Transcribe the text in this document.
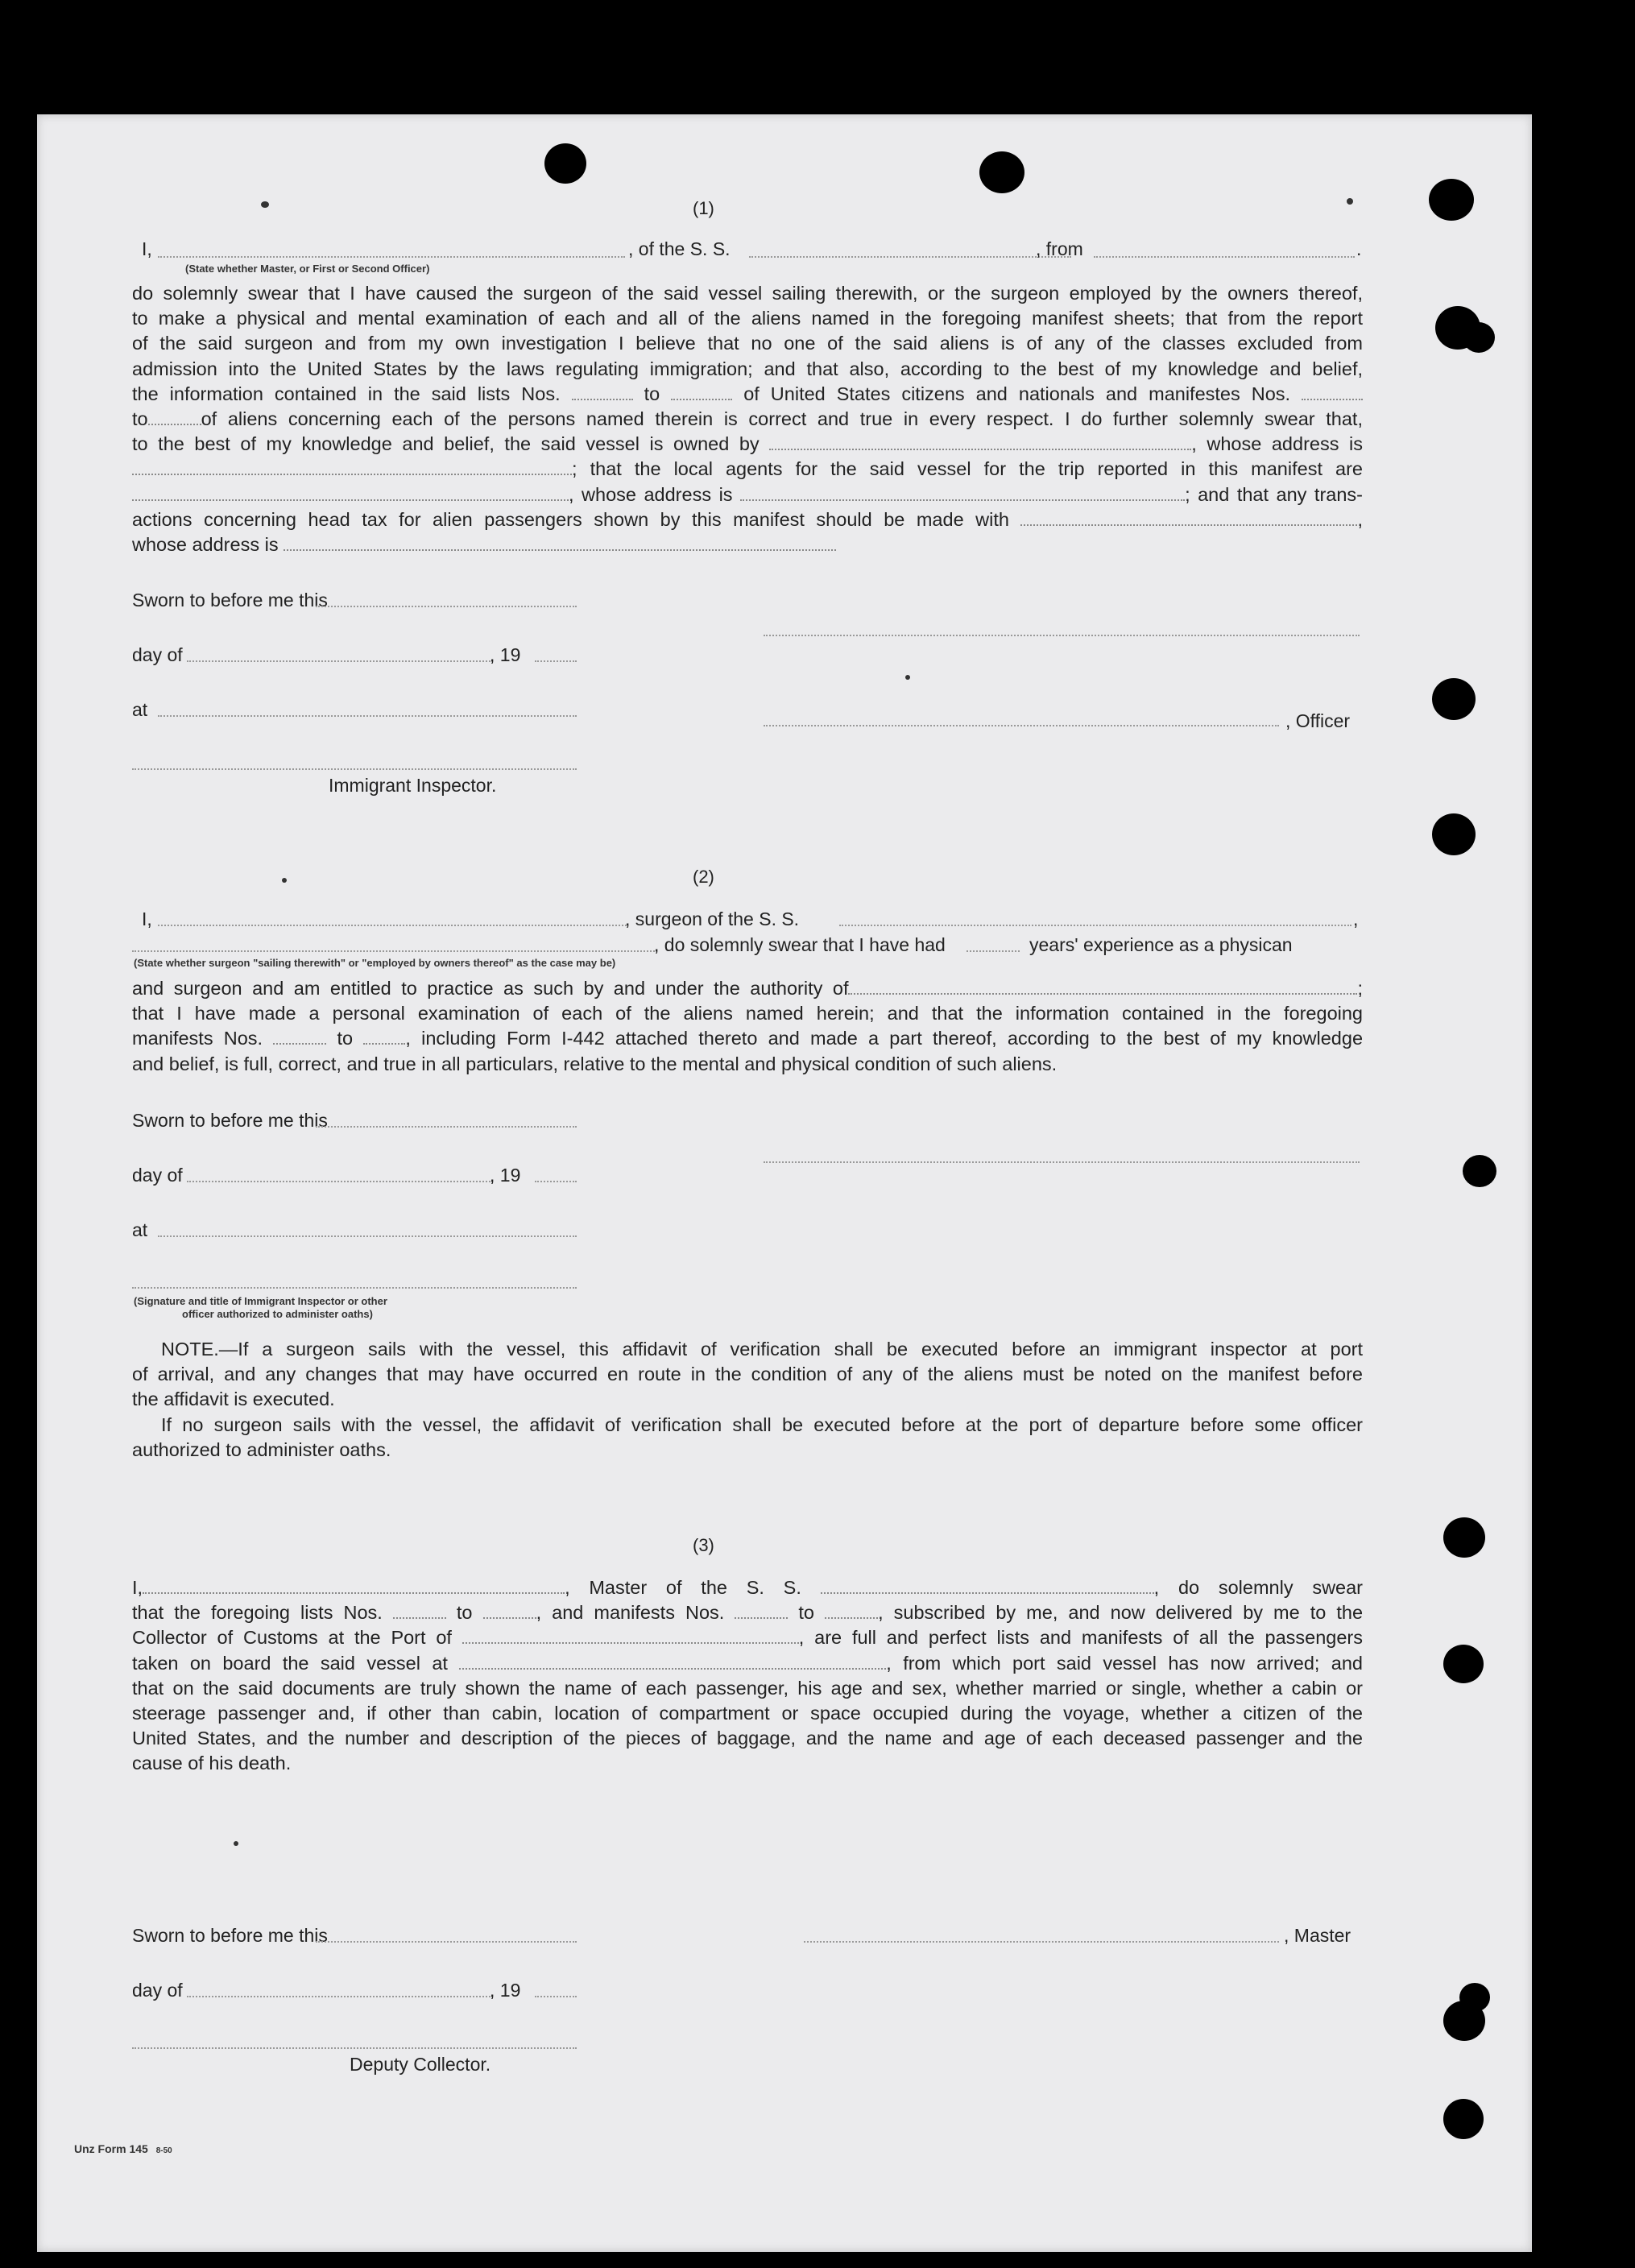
(1)
I,	, of the S. S.	, from	.
(State whether Master, or First or Second Officer)
do solemnly swear that I have caused the surgeon of the said vessel sailing therewith, or the surgeon employed by the owners thereof,
to make a physical and mental examination of each and all of the aliens named in the foregoing manifest sheets; that from the report
of the said surgeon and from my own investigation I believe that no one of the said aliens is of any of the classes excluded from
admission into the United States by the laws regulating immigration; and that also, according to the best of my knowledge and belief,
the information contained in the said lists Nos.	to	of United States citizens and nationals and manifestes Nos.
to	of aliens concerning each of the persons named therein is correct and true in every respect. I do further solemnly swear that,
to the best of my knowledge and belief, the said vessel is owned by	, whose address is
; that the local agents for the said vessel for the trip reported in this manifest are
, whose address is	; and that any trans-
actions concerning head tax for alien passengers shown by this manifest should be made with	,
whose address is
Sworn to before me this
day of	, 19
at
, Officer
Immigrant Inspector.
(2)
I,	, surgeon of the S. S.	,
, do solemnly swear that I have had	years' experience as a physican
(State whether surgeon "sailing therewith" or "employed by owners thereof" as the case may be)
and surgeon and am entitled to practice as such by and under the authority of	;
that I have made a personal examination of each of the aliens named herein; and that the information contained in the foregoing
manifests Nos.	to	, including Form I-442 attached thereto and made a part thereof, according to the best of my knowledge
and belief, is full, correct, and true in all particulars, relative to the mental and physical condition of such aliens.
Sworn to before me this
day of	, 19
at
(Signature and title of Immigrant Inspector or other
officer authorized to administer oaths)
NOTE.—If a surgeon sails with the vessel, this affidavit of verification shall be executed before an immigrant inspector at port
of arrival, and any changes that may have occurred en route in the condition of any of the aliens must be noted on the manifest before
the affidavit is executed.
If no surgeon sails with the vessel, the affidavit of verification shall be executed before at the port of departure before some officer
authorized to administer oaths.
(3)
I,	, Master of the S. S.	, do solemnly swear
that the foregoing lists Nos.	to	, and manifests Nos.	to	, subscribed by me, and now delivered by me to the
Collector of Customs at the Port of	, are full and perfect lists and manifests of all the passengers
taken on board the said vessel at	, from which port said vessel has now arrived; and
that on the said documents are truly shown the name of each passenger, his age and sex, whether married or single, whether a cabin or
steerage passenger and, if other than cabin, location of compartment or space occupied during the voyage, whether a citizen of the
United States, and the number and description of the pieces of baggage, and the name and age of each deceased passenger and the
cause of his death.
Sworn to before me this	, Master
day of	, 19
Deputy Collector.
Unz Form 145 8-50
